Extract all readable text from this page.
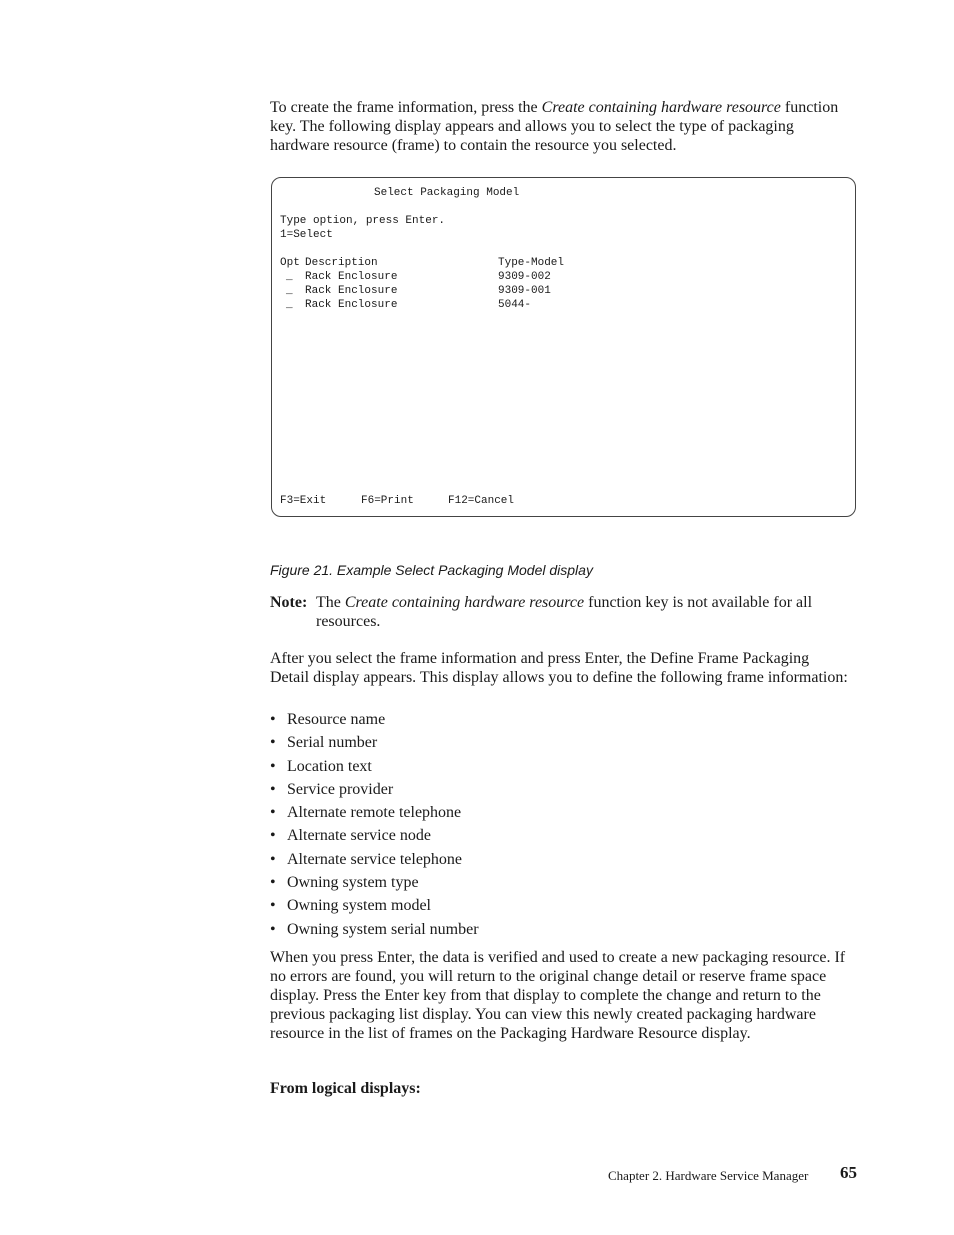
To create the frame information, press the Create containing hardware resource function key. The following display appears and allows you to select the type of packaging hardware resource (frame) to contain the resource you selected.
Select Packaging Model
Type option, press Enter.
1=Select
Opt Description	Type-Model
_ Rack Enclosure	9309-002
_ Rack Enclosure	9309-001
_ Rack Enclosure	5044-
F3=Exit	F6=Print	F12=Cancel
Figure 21. Example Select Packaging Model display
Note: The Create containing hardware resource function key is not available for all resources.
After you select the frame information and press Enter, the Define Frame Packaging Detail display appears. This display allows you to define the following frame information:
• Resource name
• Serial number
• Location text
• Service provider
• Alternate remote telephone
• Alternate service node
• Alternate service telephone
• Owning system type
• Owning system model
• Owning system serial number
When you press Enter, the data is verified and used to create a new packaging resource. If no errors are found, you will return to the original change detail or reserve frame space display. Press the Enter key from that display to complete the change and return to the previous packaging list display. You can view this newly created packaging hardware resource in the list of frames on the Packaging Hardware Resource display.
From logical displays:
Chapter 2. Hardware Service Manager 65
